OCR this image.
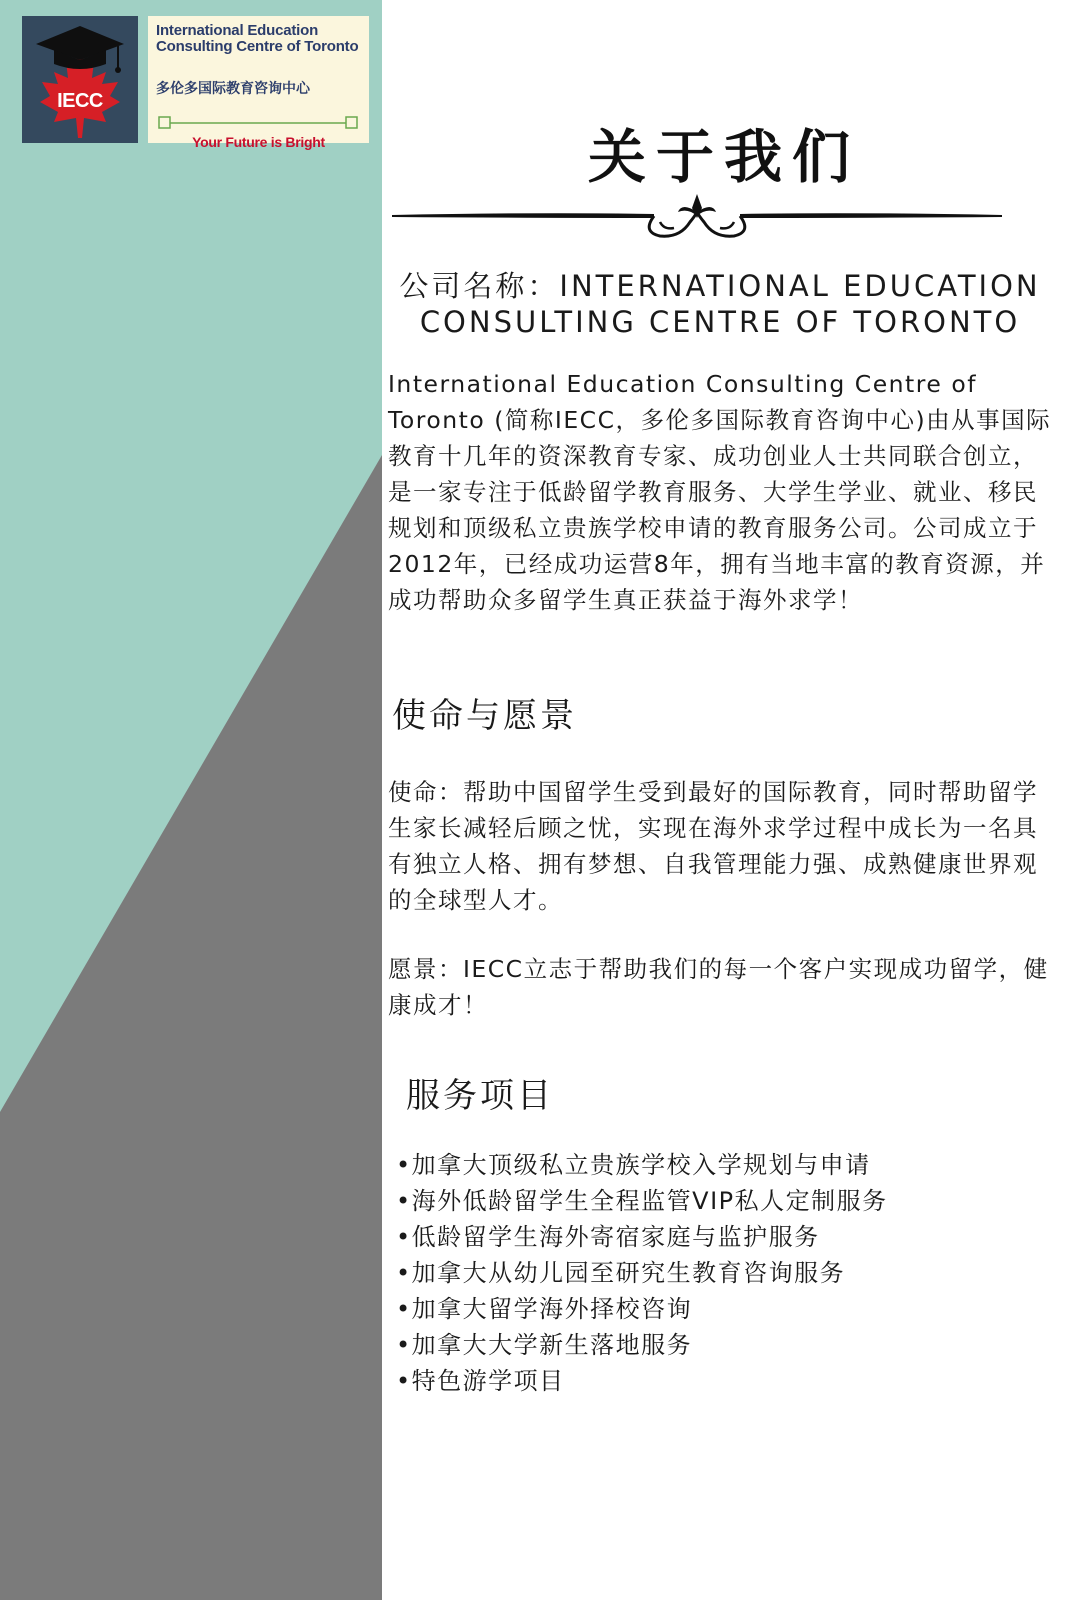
IECC
International Education Consulting Centre of Toronto
多伦多国际教育咨询中心
Your Future is Bright	关于我们
公司名称：INTERNATIONAL EDUCATION CONSULTING CENTRE OF TORONTO
International Education Consulting Centre of Toronto (简称IECC，多伦多国际教育咨询中心)由从事国际教育十几年的资深教育专家、成功创业人士共同联合创立，是一家专注于低龄留学教育服务、大学生学业、就业、移民规划和顶级私立贵族学校申请的教育服务公司。公司成立于2012年，已经成功运营8年，拥有当地丰富的教育资源，并成功帮助众多留学生真正获益于海外求学！
使命与愿景
使命：帮助中国留学生受到最好的国际教育，同时帮助留学生家长减轻后顾之忧，实现在海外求学过程中成长为一名具有独立人格、拥有梦想、自我管理能力强、成熟健康世界观的全球型人才。
愿景：IECC立志于帮助我们的每一个客户实现成功留学，健康成才！
服务项目
• 加拿大顶级私立贵族学校入学规划与申请
• 海外低龄留学生全程监管VIP私人定制服务
• 低龄留学生海外寄宿家庭与监护服务
• 加拿大从幼儿园至研究生教育咨询服务
• 加拿大留学海外择校咨询
• 加拿大大学新生落地服务
• 特色游学项目
